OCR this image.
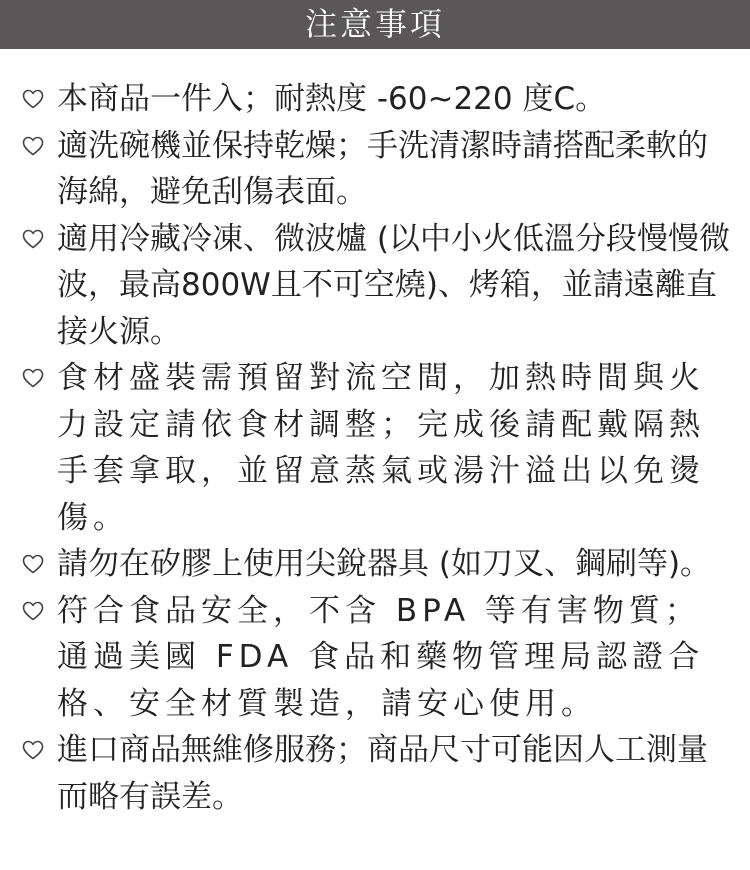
注意事項
本商品一件入；耐熱度 -60~220 度C。
適洗碗機並保持乾燥；手洗清潔時請搭配柔軟的海綿，避免刮傷表面。
適用冷藏冷凍、微波爐 (以中小火低溫分段慢慢微波，最高800W且不可空燒)、烤箱，並請遠離直接火源。
食材盛裝需預留對流空間，加熱時間與火力設定請依食材調整；完成後請配戴隔熱手套拿取，並留意蒸氣或湯汁溢出以免燙傷。
請勿在矽膠上使用尖銳器具 (如刀叉、鋼刷等)。
符合食品安全，不含 BPA 等有害物質；通過美國 FDA 食品和藥物管理局認證合格、安全材質製造，請安心使用。
進口商品無維修服務；商品尺寸可能因人工測量而略有誤差。
